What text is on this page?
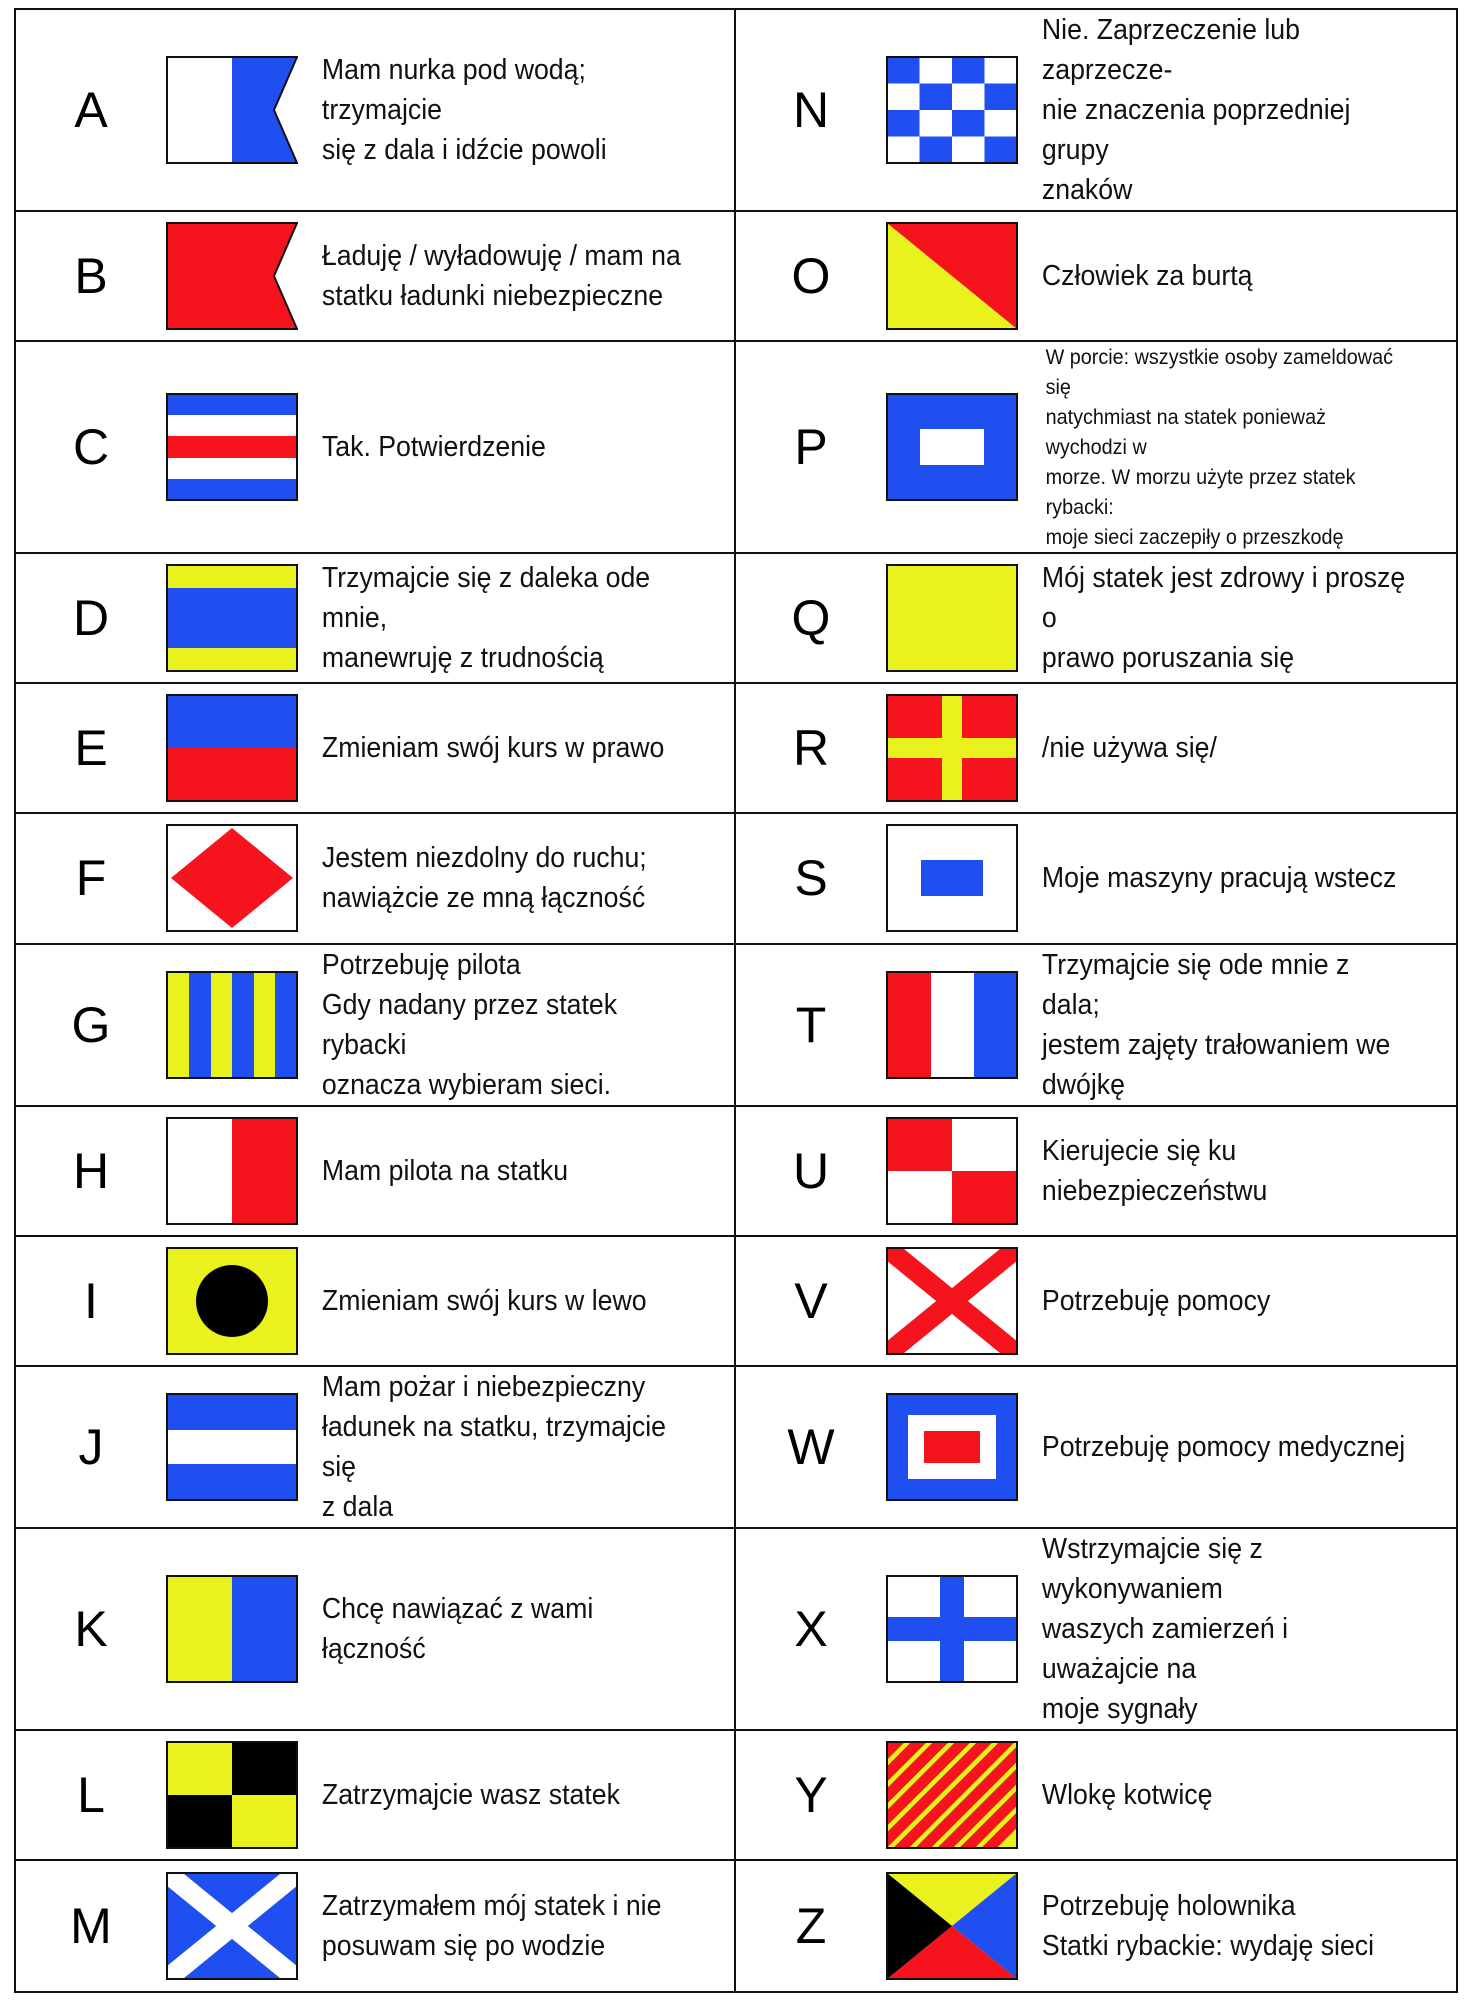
A
Mam nurka pod wodą; trzymajcie
się z dala i idźcie powoli
B	Ładuję / wyładowuję / mam na
statku ładunki niebezpieczne
C	Tak. Potwierdzenie
D
Trzymajcie się z daleka ode mnie,
manewruję z trudnością
E	Zmieniam swój kurs w prawo
F	Jestem niezdolny do ruchu;
nawiążcie ze mną łączność
G
Potrzebuję pilota
Gdy nadany przez statek rybacki
oznacza wybieram sieci.
H	Mam pilota na statku
I	Zmieniam swój kurs w lewo
J
Mam pożar i niebezpieczny
ładunek na statku, trzymajcie się
z dala
K	Chcę nawiązać z wami łączność
L	Zatrzymajcie wasz statek
M	Zatrzymałem mój statek i nie
posuwam się po wodzie
N
Nie. Zaprzeczenie lub zaprzecze-
nie znaczenia poprzedniej grupy
znaków
O	Człowiek za burtą
P
W porcie: wszystkie osoby zameldować się
natychmiast na statek ponieważ wychodzi w
morze. W morzu użyte przez statek rybacki:
moje sieci zaczepiły o przeszkodę
Q
Mój statek jest zdrowy i proszę o
prawo poruszania się
R	/nie używa się/
S	Moje maszyny pracują wstecz
T
Trzymajcie się ode mnie z dala;
jestem zajęty trałowaniem we
dwójkę
U	Kierujecie się ku
niebezpieczeństwu
V	Potrzebuję pomocy
W	Potrzebuję pomocy medycznej
X
Wstrzymajcie się z wykonywaniem
waszych zamierzeń i uważajcie na
moje sygnały
Y	Wlokę kotwicę
Z	Potrzebuję holownika
Statki rybackie: wydaję sieci
